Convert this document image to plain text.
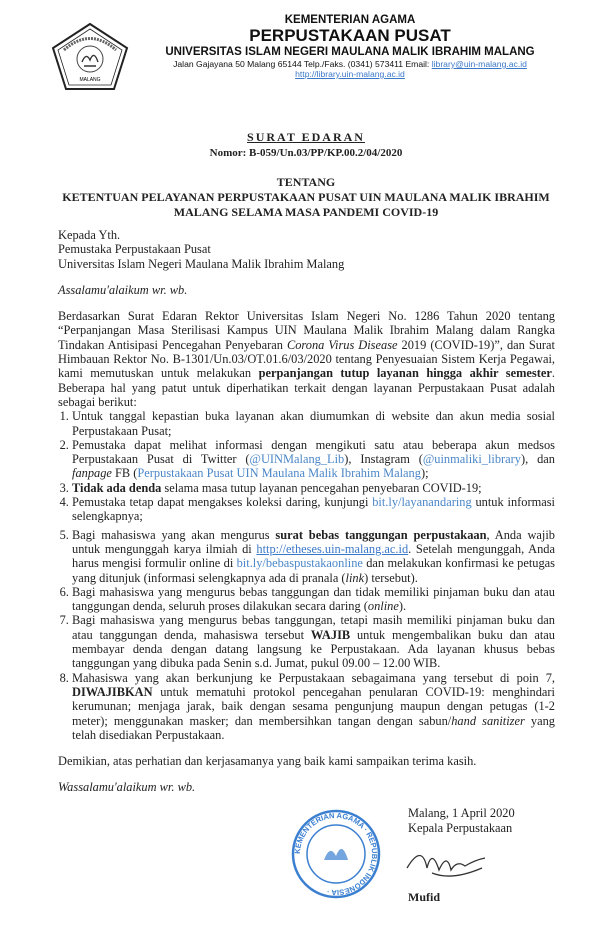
MALANG
KEMENTERIAN AGAMA
PERPUSTAKAAN PUSAT
UNIVERSITAS ISLAM NEGERI MAULANA MALIK IBRAHIM MALANG
Jalan Gajayana 50 Malang 65144 Telp./Faks. (0341) 573411 Email: library@uin-malang.ac.id
http://library.uin-malang.ac.id
SURAT EDARAN
Nomor: B-059/Un.03/PP/KP.00.2/04/2020
TENTANG
KETENTUAN PELAYANAN PERPUSTAKAAN PUSAT UIN MAULANA MALIK IBRAHIM MALANG SELAMA MASA PANDEMI COVID-19

Kepada Yth.

Pemustaka Perpustakaan Pusat

Universitas Islam Negeri Maulana Malik Ibrahim Malang

Assalamu'alaikum wr. wb.

Berdasarkan Surat Edaran Rektor Universitas Islam Negeri No. 1286 Tahun 2020 tentang “Perpanjangan Masa Sterilisasi Kampus UIN Maulana Malik Ibrahim Malang dalam Rangka Tindakan Antisipasi Pencegahan Penyebaran Corona Virus Disease 2019 (COVID-19)”, dan Surat Himbauan Rektor No. B-1301/Un.03/OT.01.6/03/2020 tentang Penyesuaian Sistem Kerja Pegawai, kami memutuskan untuk melakukan perpanjangan tutup layanan hingga akhir semester. Beberapa hal yang patut untuk diperhatikan terkait dengan layanan Perpustakaan Pusat adalah sebagai berikut:

1. Untuk tanggal kepastian buka layanan akan diumumkan di website dan akun media sosial Perpustakaan Pusat;
2. Pemustaka dapat melihat informasi dengan mengikuti satu atau beberapa akun medsos Perpustakaan Pusat di Twitter (@UINMalang_Lib), Instagram (@uinmaliki_library), dan fanpage FB (Perpustakaan Pusat UIN Maulana Malik Ibrahim Malang);
3. Tidak ada denda selama masa tutup layanan pencegahan penyebaran COVID-19;
4. Pemustaka tetap dapat mengakses koleksi daring, kunjungi bit.ly/layanandaring untuk informasi selengkapnya;
5. Bagi mahasiswa yang akan mengurus surat bebas tanggungan perpustakaan, Anda wajib untuk mengunggah karya ilmiah di http://etheses.uin-malang.ac.id. Setelah mengunggah, Anda harus mengisi formulir online di bit.ly/bebaspustakaonline dan melakukan konfirmasi ke petugas yang ditunjuk (informasi selengkapnya ada di pranala (link) tersebut).
6. Bagi mahasiswa yang mengurus bebas tanggungan dan tidak memiliki pinjaman buku dan atau tanggungan denda, seluruh proses dilakukan secara daring (online).
7. Bagi mahasiswa yang mengurus bebas tanggungan, tetapi masih memiliki pinjaman buku dan atau tanggungan denda, mahasiswa tersebut WAJIB untuk mengembalikan buku dan atau membayar denda dengan datang langsung ke Perpustakaan. Ada layanan khusus bebas tanggungan yang dibuka pada Senin s.d. Jumat, pukul 09.00 – 12.00 WIB.
8. Mahasiswa yang akan berkunjung ke Perpustakaan sebagaimana yang tersebut di poin 7, DIWAJIBKAN untuk mematuhi protokol pencegahan penularan COVID-19: menghindari kerumunan; menjaga jarak, baik dengan sesama pengunjung maupun dengan petugas (1-2 meter); menggunakan masker; dan membersihkan tangan dengan sabun/hand sanitizer yang telah disediakan Perpustakaan.

Demikian, atas perhatian dan kerjasamanya yang baik kami sampaikan terima kasih.

Wassalamu'alaikum wr. wb.

KEMENTERIAN AGAMA · REPUBLIK INDONESIA ·
Malang, 1 April 2020
Kepala Perpustakaan
Mufid
